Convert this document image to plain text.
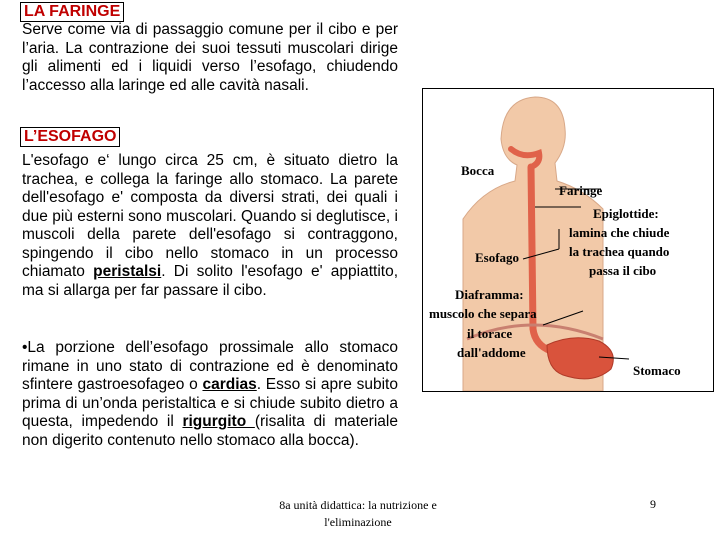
LA FARINGE

Serve come via di passaggio comune per il cibo e per l’aria. La contrazione dei suoi tessuti muscolari dirige gli alimenti ed i liquidi verso l’esofago, chiudendo l’accesso alla laringe ed alle cavità nasali.

L’ESOFAGO

L'esofago e‘ lungo circa 25 cm, è situato dietro la trachea, e collega la faringe allo stomaco. La parete dell'esofago e' composta da diversi strati, dei quali i due più esterni sono muscolari. Quando si deglutisce, i muscoli della parete dell'esofago si contraggono, spingendo il cibo nello stomaco in un processo chiamato peristalsi. Di solito l'esofago e' appiattito, ma si allarga per far passare il cibo.

•La porzione dell’esofago prossimale allo stomaco rimane in uno stato di contrazione ed è denominato sfintere gastroesofageo o cardias. Esso si apre subito prima di un’onda peristaltica e si chiude subito dietro a questa, impedendo il rigurgito (risalita di materiale non digerito contenuto nello stomaco alla bocca).

Bocca
Faringe
Epiglottide:
lamina che chiude
la trachea quando
passa il cibo
Esofago
Diaframma:
muscolo che separa
il torace
dall'addome
Stomaco
8a unità didattica: la nutrizione e
l'eliminazione
9
